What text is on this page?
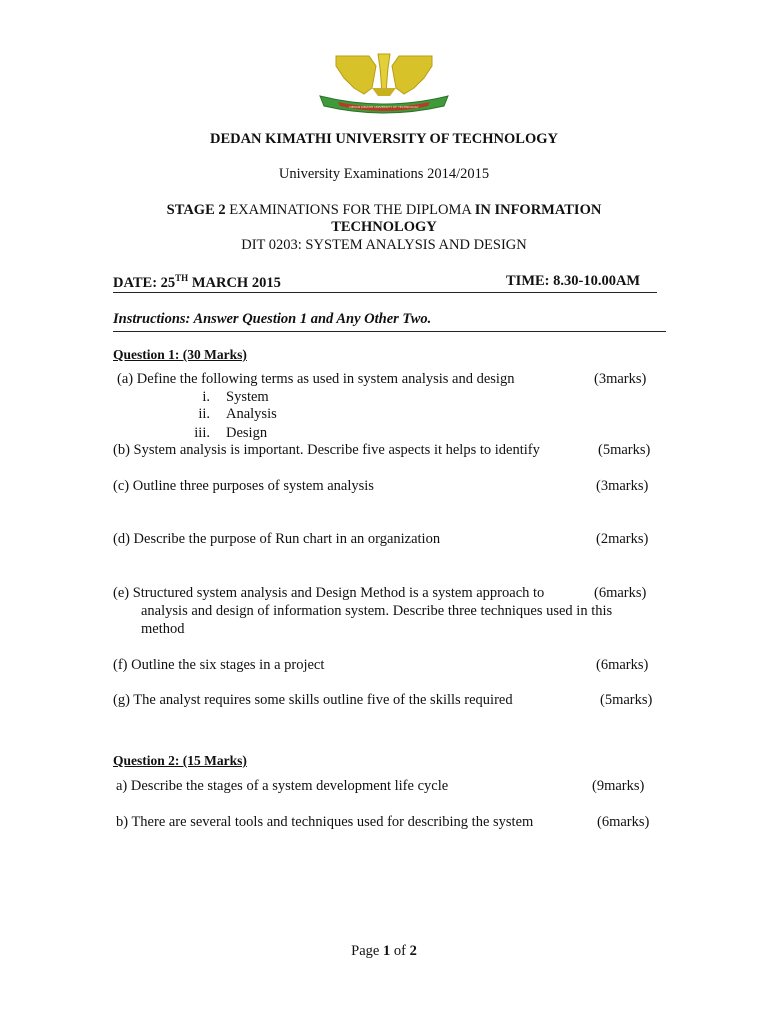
DEDAN KIMATHI UNIVERSITY OF TECHNOLOGY
DEDAN KIMATHI UNIVERSITY OF TECHNOLOGY
University Examinations 2014/2015
STAGE 2 EXAMINATIONS FOR THE DIPLOMA IN INFORMATION
TECHNOLOGY
DIT 0203: SYSTEM ANALYSIS AND DESIGN
DATE: 25TH MARCH 2015	TIME: 8.30-10.00AM
Instructions: Answer Question 1 and Any Other Two.
Question 1: (30 Marks)
(a) Define the following terms as used in system analysis and design	(3marks)
i. System
ii. Analysis
iii. Design
(b) System analysis is important. Describe five aspects it helps to identify	(5marks)
(c) Outline three purposes of system analysis	(3marks)
(d) Describe the purpose of Run chart in an organization	(2marks)
(e) Structured system analysis and Design Method is a system approach to	(6marks)
analysis and design of information system. Describe three techniques used in this
method
(f) Outline the six stages in a project	(6marks)
(g) The analyst requires some skills outline five of the skills required	(5marks)
Question 2: (15 Marks)
a) Describe the stages of a system development life cycle	(9marks)
b) There are several tools and techniques used for describing the system	(6marks)
Page 1 of 2
